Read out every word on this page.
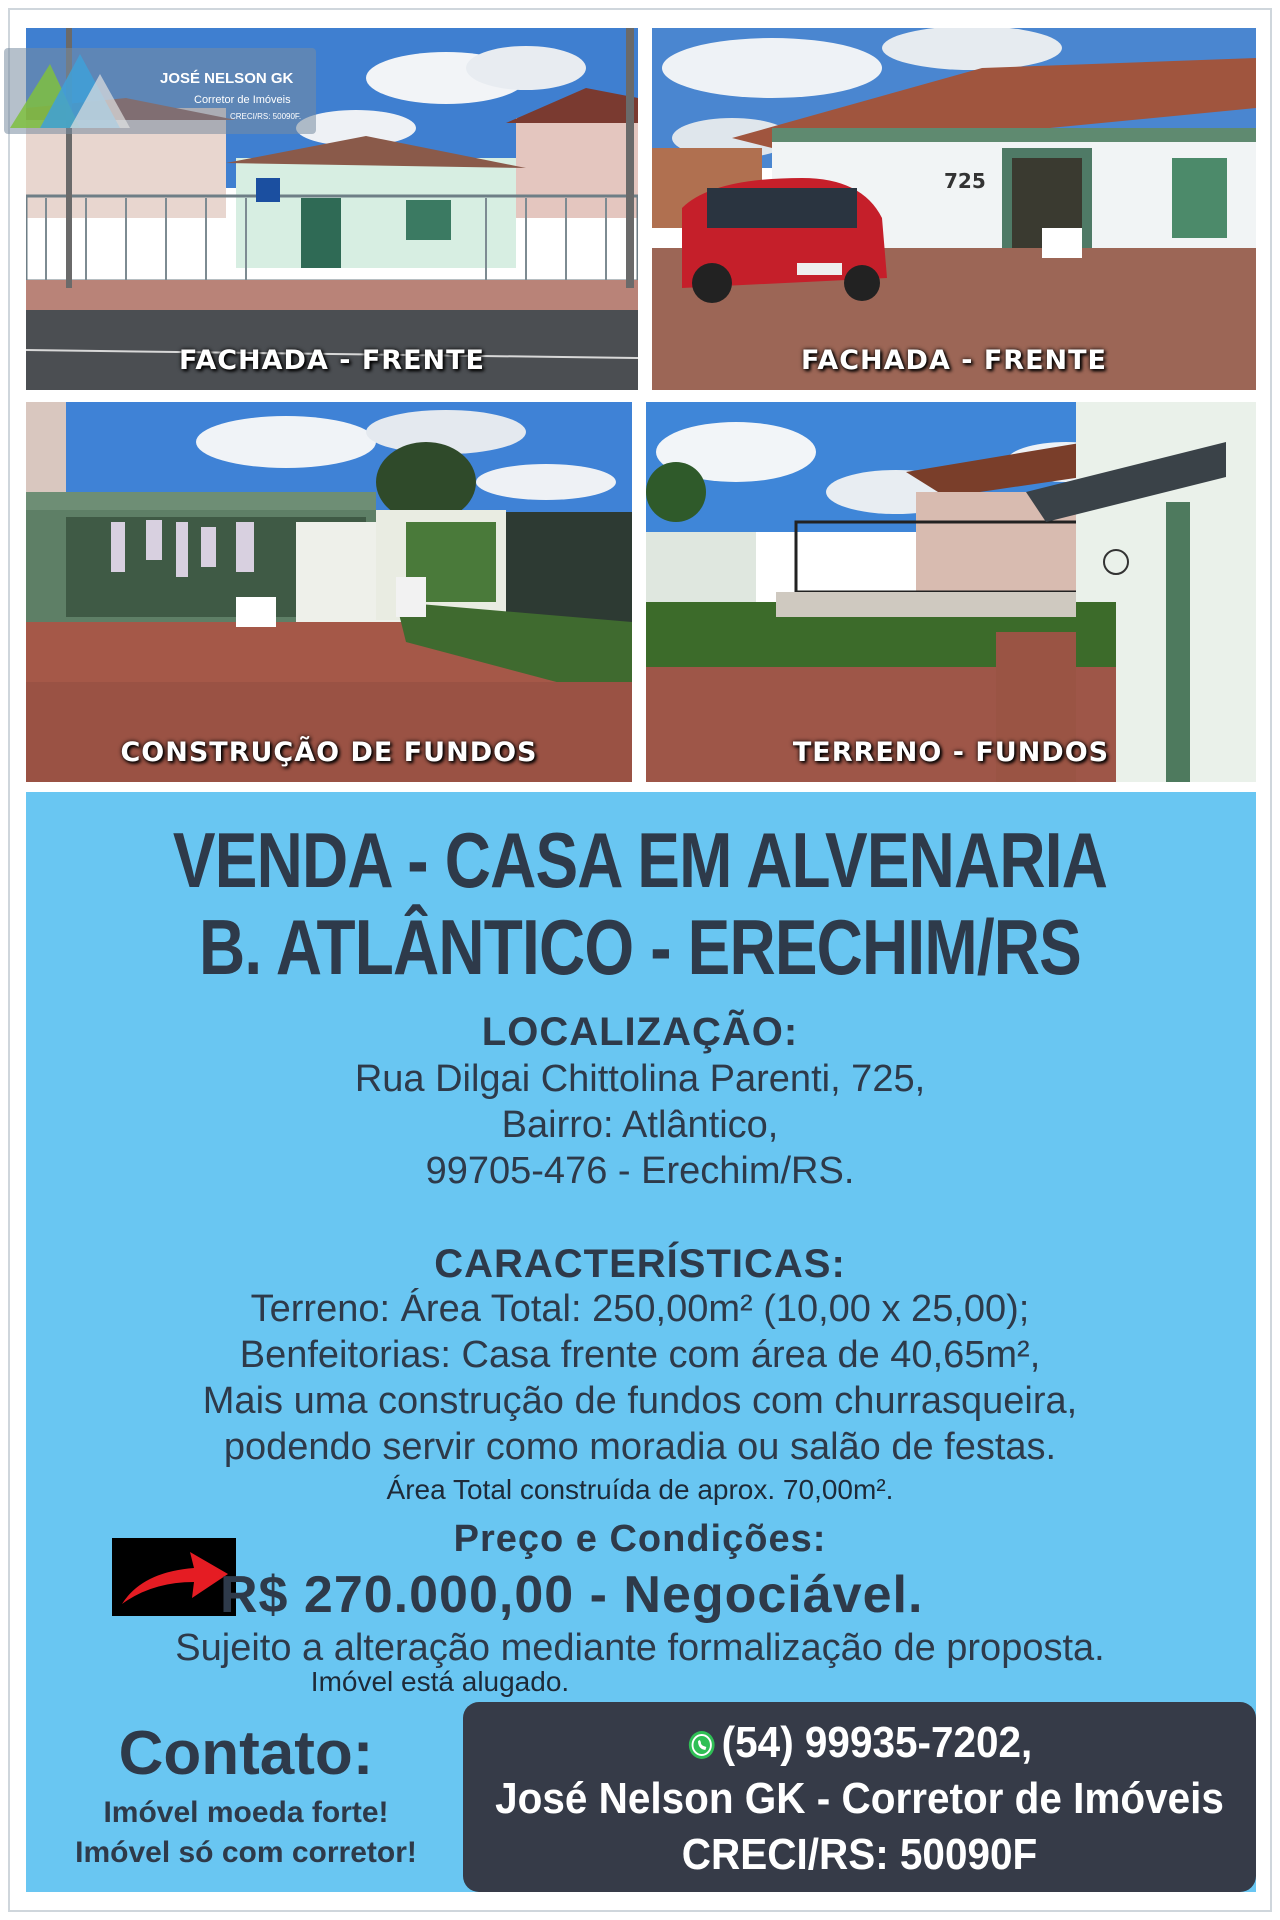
FACHADA - FRENTE
JOSÉ NELSON GK
Corretor de Imóveis
CRECI/RS: 50090F.
725
FACHADA - FRENTE
CONSTRUÇÃO DE FUNDOS	TERRENO - FUNDOS
VENDA - CASA EM ALVENARIA
B. ATLÂNTICO - ERECHIM/RS
LOCALIZAÇÃO:
Rua Dilgai Chittolina Parenti, 725,
Bairro: Atlântico,
99705-476 - Erechim/RS.
CARACTERÍSTICAS:
Terreno: Área Total: 250,00m² (10,00 x 25,00);
Benfeitorias: Casa frente com área de 40,65m²,
Mais uma construção de fundos com churrasqueira,
podendo servir como moradia ou salão de festas.
Área Total construída de aprox. 70,00m².
Preço e Condições:
R$ 270.000,00 - Negociável.
Sujeito a alteração mediante formalização de proposta.
Imóvel está alugado.
Contato:
Imóvel moeda forte!
Imóvel só com corretor!
(54) 99935-7202,
José Nelson GK - Corretor de Imóveis
CRECI/RS: 50090F
